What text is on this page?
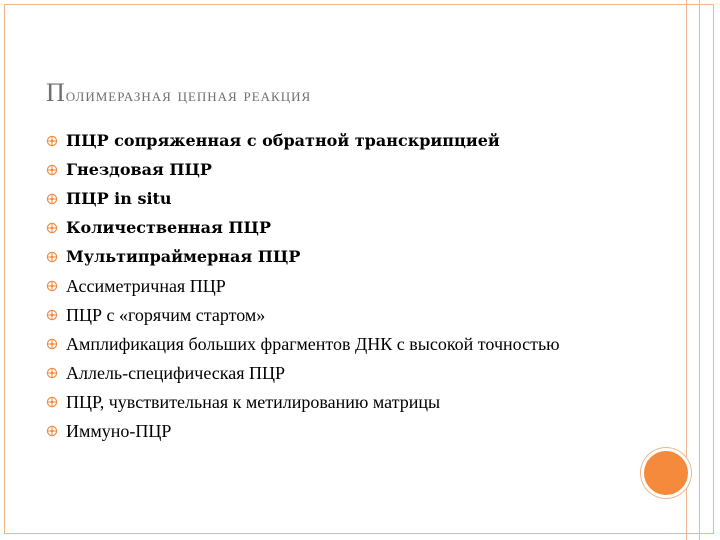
Полимеразная цепная реакция
ПЦР сопряженная с обратной транскрипцией
Гнездовая ПЦР
ПЦР in situ
Количественная ПЦР
Мультипраймерная ПЦР
Ассиметричная ПЦР
ПЦР с «горячим стартом»
Амплификация больших фрагментов ДНК с высокой точностью
Аллель-специфическая ПЦР
ПЦР, чувствительная к метилированию матрицы
Иммуно-ПЦР
